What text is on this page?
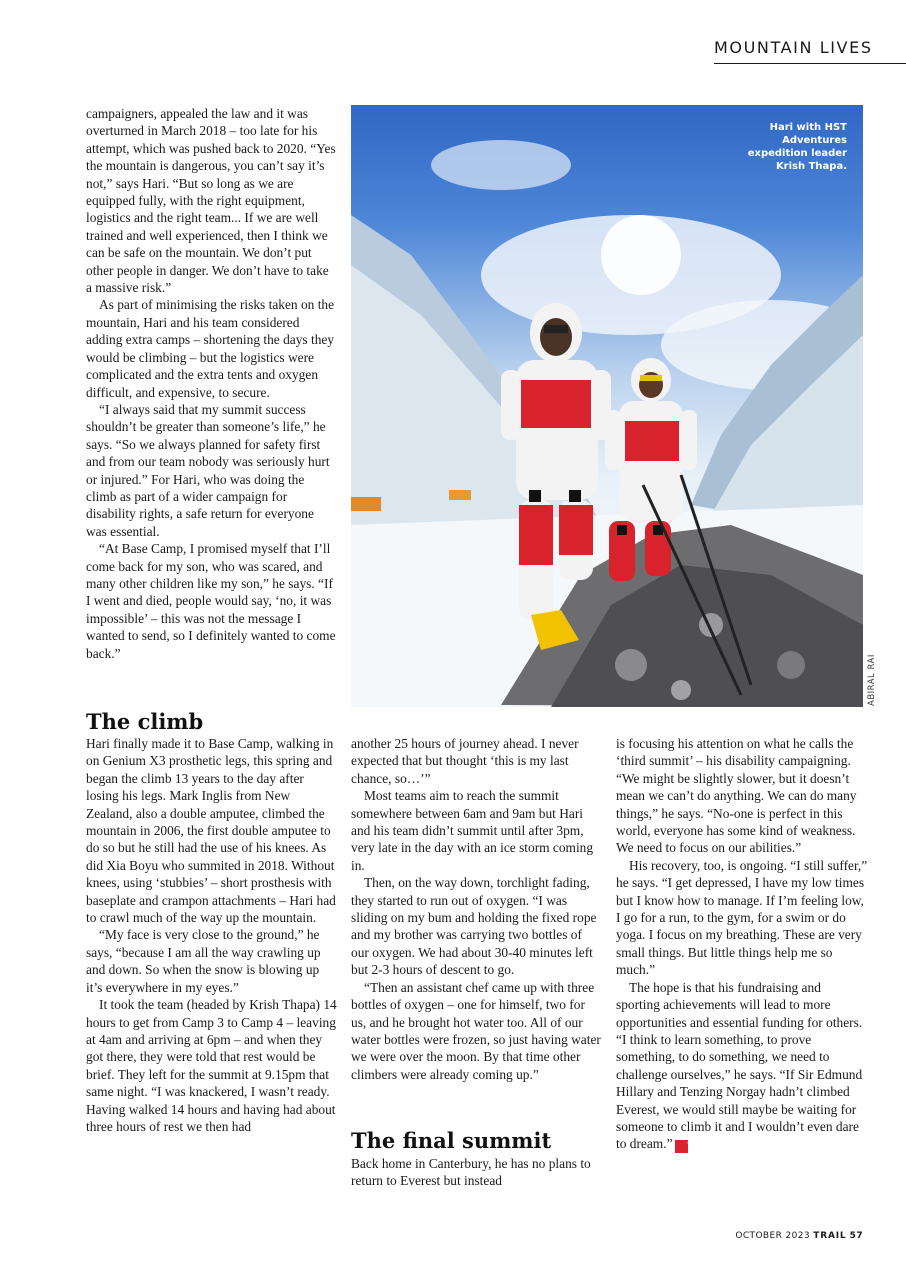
MOUNTAIN LIVES

campaigners, appealed the law and it was overturned in March 2018 – too late for his attempt, which was pushed back to 2020. “Yes the mountain is dangerous, you can’t say it’s not,” says Hari. “But so long as we are equipped fully, with the right equipment, logistics and the right team... If we are well trained and well experienced, then I think we can be safe on the mountain. We don’t put other people in danger. We don’t have to take a massive risk.”

As part of minimising the risks taken on the mountain, Hari and his team considered adding extra camps – shortening the days they would be climbing – but the logistics were complicated and the extra tents and oxygen difficult, and expensive, to secure.

“I always said that my summit success shouldn’t be greater than someone’s life,” he says. “So we always planned for safety first and from our team nobody was seriously hurt or injured.” For Hari, who was doing the climb as part of a wider campaign for disability rights, a safe return for everyone was essential.

“At Base Camp, I promised myself that I’ll come back for my son, who was scared, and many other children like my son,” he says. “If I went and died, people would say, ‘no, it was impossible’ – this was not the message I wanted to send, so I definitely wanted to come back.”

Hari with HST Adventures expedition leader Krish Thapa.
ABIRAL RAI
The climb

Hari finally made it to Base Camp, walking in on Genium X3 prosthetic legs, this spring and began the climb 13 years to the day after losing his legs. Mark Inglis from New Zealand, also a double amputee, climbed the mountain in 2006, the first double amputee to do so but he still had the use of his knees. As did Xia Boyu who summited in 2018. Without knees, using ‘stubbies’ – short prosthesis with baseplate and crampon attachments – Hari had to crawl much of the way up the mountain.

“My face is very close to the ground,” he says, “because I am all the way crawling up and down. So when the snow is blowing up it’s everywhere in my eyes.”

It took the team (headed by Krish Thapa) 14 hours to get from Camp 3 to Camp 4 – leaving at 4am and arriving at 6pm – and when they got there, they were told that rest would be brief. They left for the summit at 9.15pm that same night. “I was knackered, I wasn’t ready. Having walked 14 hours and having had about three hours of rest we then had

another 25 hours of journey ahead. I never expected that but thought ‘this is my last chance, so…’”

Most teams aim to reach the summit somewhere between 6am and 9am but Hari and his team didn’t summit until after 3pm, very late in the day with an ice storm coming in.

Then, on the way down, torchlight fading, they started to run out of oxygen. “I was sliding on my bum and holding the fixed rope and my brother was carrying two bottles of our oxygen. We had about 30-40 minutes left but 2-3 hours of descent to go.

“Then an assistant chef came up with three bottles of oxygen – one for himself, two for us, and he brought hot water too. All of our water bottles were frozen, so just having water we were over the moon. By that time other climbers were already coming up.”

The final summit

Back home in Canterbury, he has no plans to return to Everest but instead

is focusing his attention on what he calls the ‘third summit’ – his disability campaigning. “We might be slightly slower, but it doesn’t mean we can’t do anything. We can do many things,” he says. “No-one is perfect in this world, everyone has some kind of weakness. We need to focus on our abilities.”

His recovery, too, is ongoing. “I still suffer,” he says. “I get depressed, I have my low times but I know how to manage. If I’m feeling low, I go for a run, to the gym, for a swim or do yoga. I focus on my breathing. These are very small things. But little things help me so much.”

The hope is that his fundraising and sporting achievements will lead to more opportunities and essential funding for others. “I think to learn something, to prove something, to do something, we need to challenge ourselves,” he says. “If Sir Edmund Hillary and Tenzing Norgay hadn’t climbed Everest, we would still maybe be waiting for someone to climb it and I wouldn’t even dare to dream.” T

OCTOBER 2023 TRAIL 57
